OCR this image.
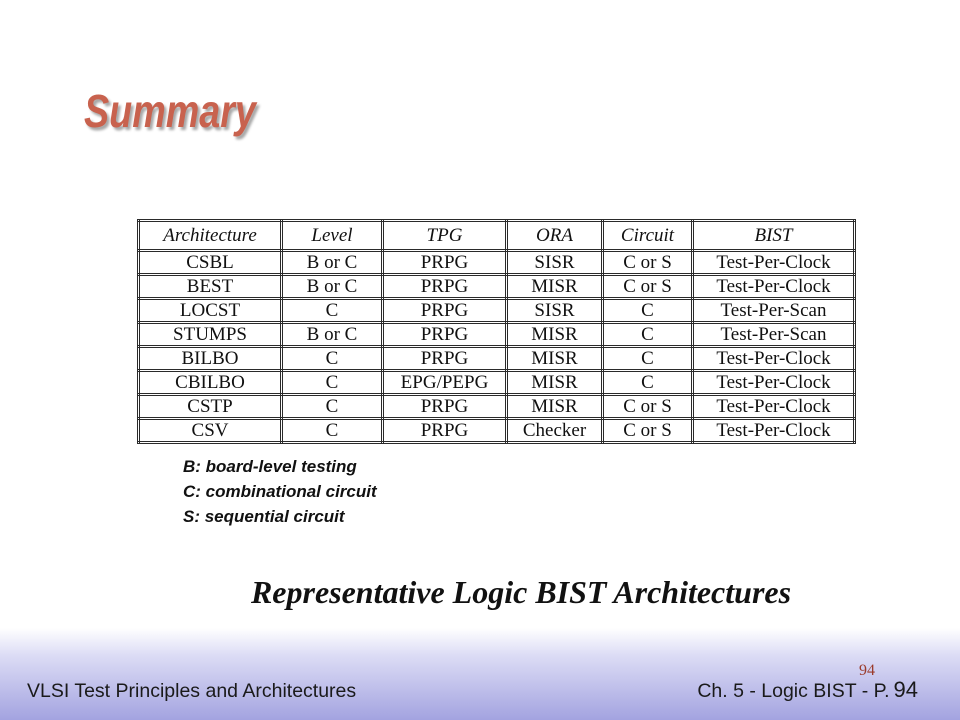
Summary
Architecture	Level	TPG	ORA	Circuit	BIST
CSBL	B or C	PRPG	SISR	C or S	Test-Per-Clock
BEST	B or C	PRPG	MISR	C or S	Test-Per-Clock
LOCST	C	PRPG	SISR	C	Test-Per-Scan
STUMPS	B or C	PRPG	MISR	C	Test-Per-Scan
BILBO	C	PRPG	MISR	C	Test-Per-Clock
CBILBO	C	EPG/PEPG	MISR	C	Test-Per-Clock
CSTP	C	PRPG	MISR	C or S	Test-Per-Clock
CSV	C	PRPG	Checker	C or S	Test-Per-Clock
B: board-level testing
C: combinational circuit
S: sequential circuit
Representative Logic BIST Architectures
94
VLSI Test Principles and Architectures	Ch. 5 - Logic BIST - P. 94
